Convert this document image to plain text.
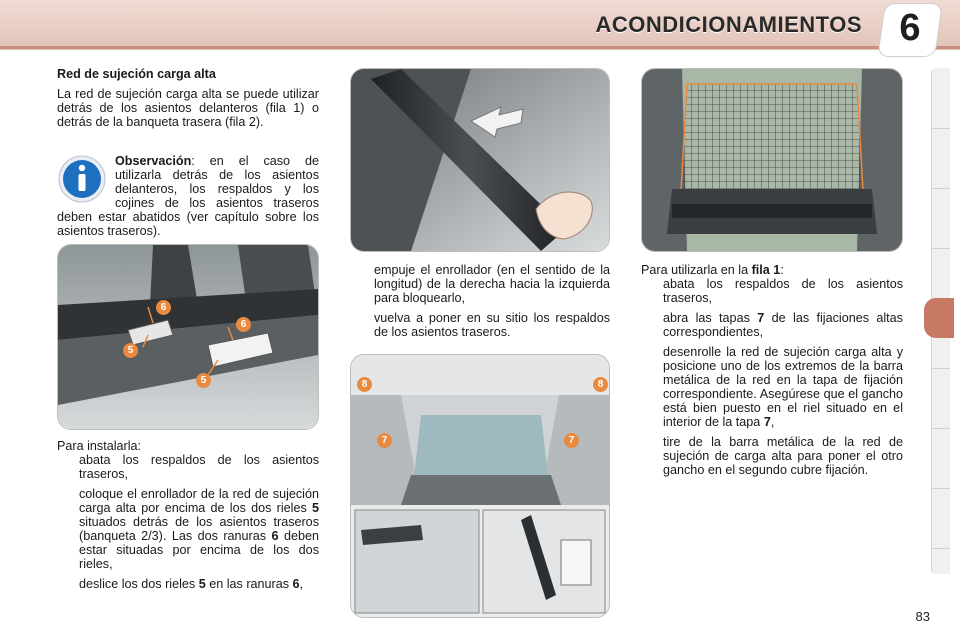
ACONDICIONAMIENTOS 6
Red de sujeción carga alta

La red de sujeción carga alta se puede utilizar detrás de los asientos delanteros (fila 1) o detrás de la banqueta trasera (fila 2).

Observación: en el caso de utilizarla detrás de los asientos delanteros, los respaldos y los cojines de los asientos traseros deben estar abatidos (ver capítulo sobre los asientos traseros).
6
6
5
5

Para instalarla:

abata los respaldos de los asientos traseros,
coloque el enrollador de la red de sujeción carga alta por encima de los dos rieles 5 situados detrás de los asientos traseros (banqueta 2/3). Las dos ranuras 6 deben estar situadas por encima de los dos rieles,
deslice los dos rieles 5 en las ranuras 6,
empuje el enrollador (en el sentido de la longitud) de la derecha hacia la izquierda para bloquearlo,
vuelva a poner en su sitio los respaldos de los asientos traseros.
8	8
7	7

Para utilizarla en la fila 1:

abata los respaldos de los asientos traseros,
abra las tapas 7 de las fijaciones altas correspondientes,
desenrolle la red de sujeción carga alta y posicione uno de los extremos de la barra metálica de la red en la tapa de fijación correspondiente. Asegúrese que el gancho está bien puesto en el riel situado en el interior de la tapa 7,
tire de la barra metálica de la red de sujeción de carga alta para poner el otro gancho en el segundo cubre fijación.
83
